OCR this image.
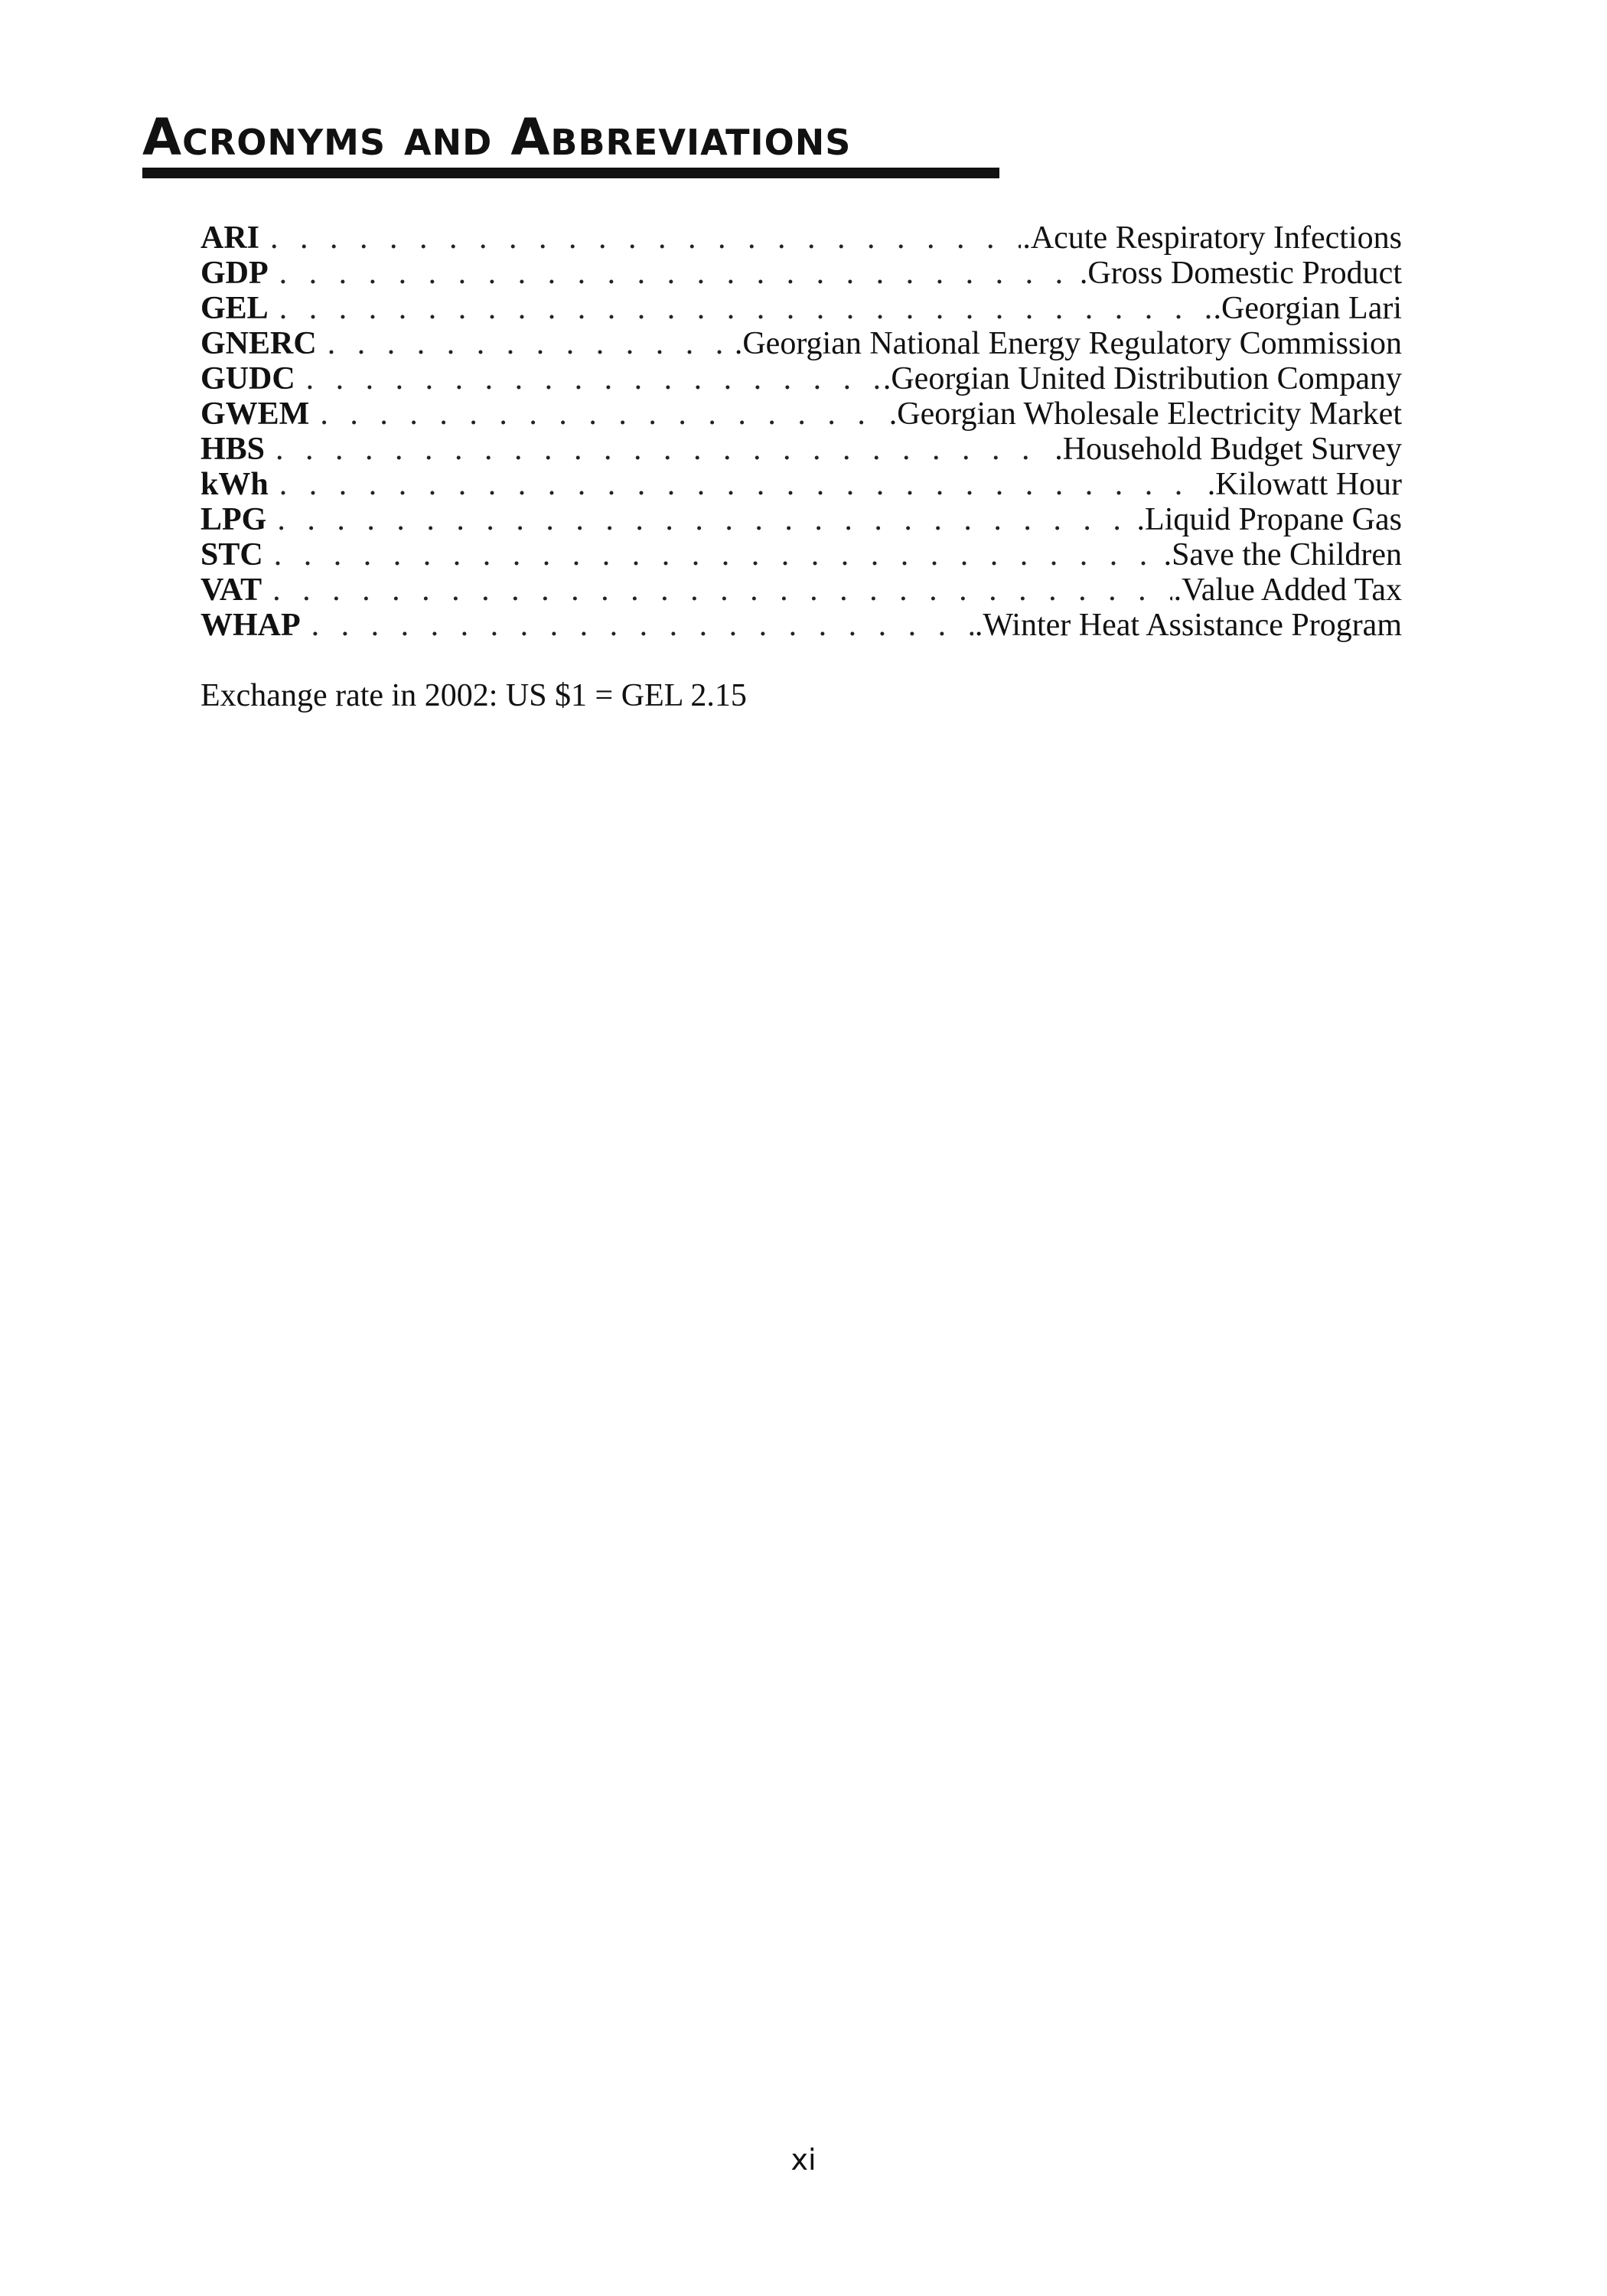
Acronyms and Abbreviations
ARI . . .	.Acute Respiratory Infections
GDP . . .	.Gross Domestic Product
GEL . . .	.Georgian Lari
GNERC . . .	.Georgian National Energy Regulatory Commission
GUDC . . .	.Georgian United Distribution Company
GWEM . . .	.Georgian Wholesale Electricity Market
HBS . . .	.Household Budget Survey
kWh . . .	.Kilowatt Hour
LPG . . .	.Liquid Propane Gas
STC . . .	.Save the Children
VAT . . .	.Value Added Tax
WHAP . . .	.Winter Heat Assistance Program
Exchange rate in 2002: US $1 = GEL 2.15
xi
